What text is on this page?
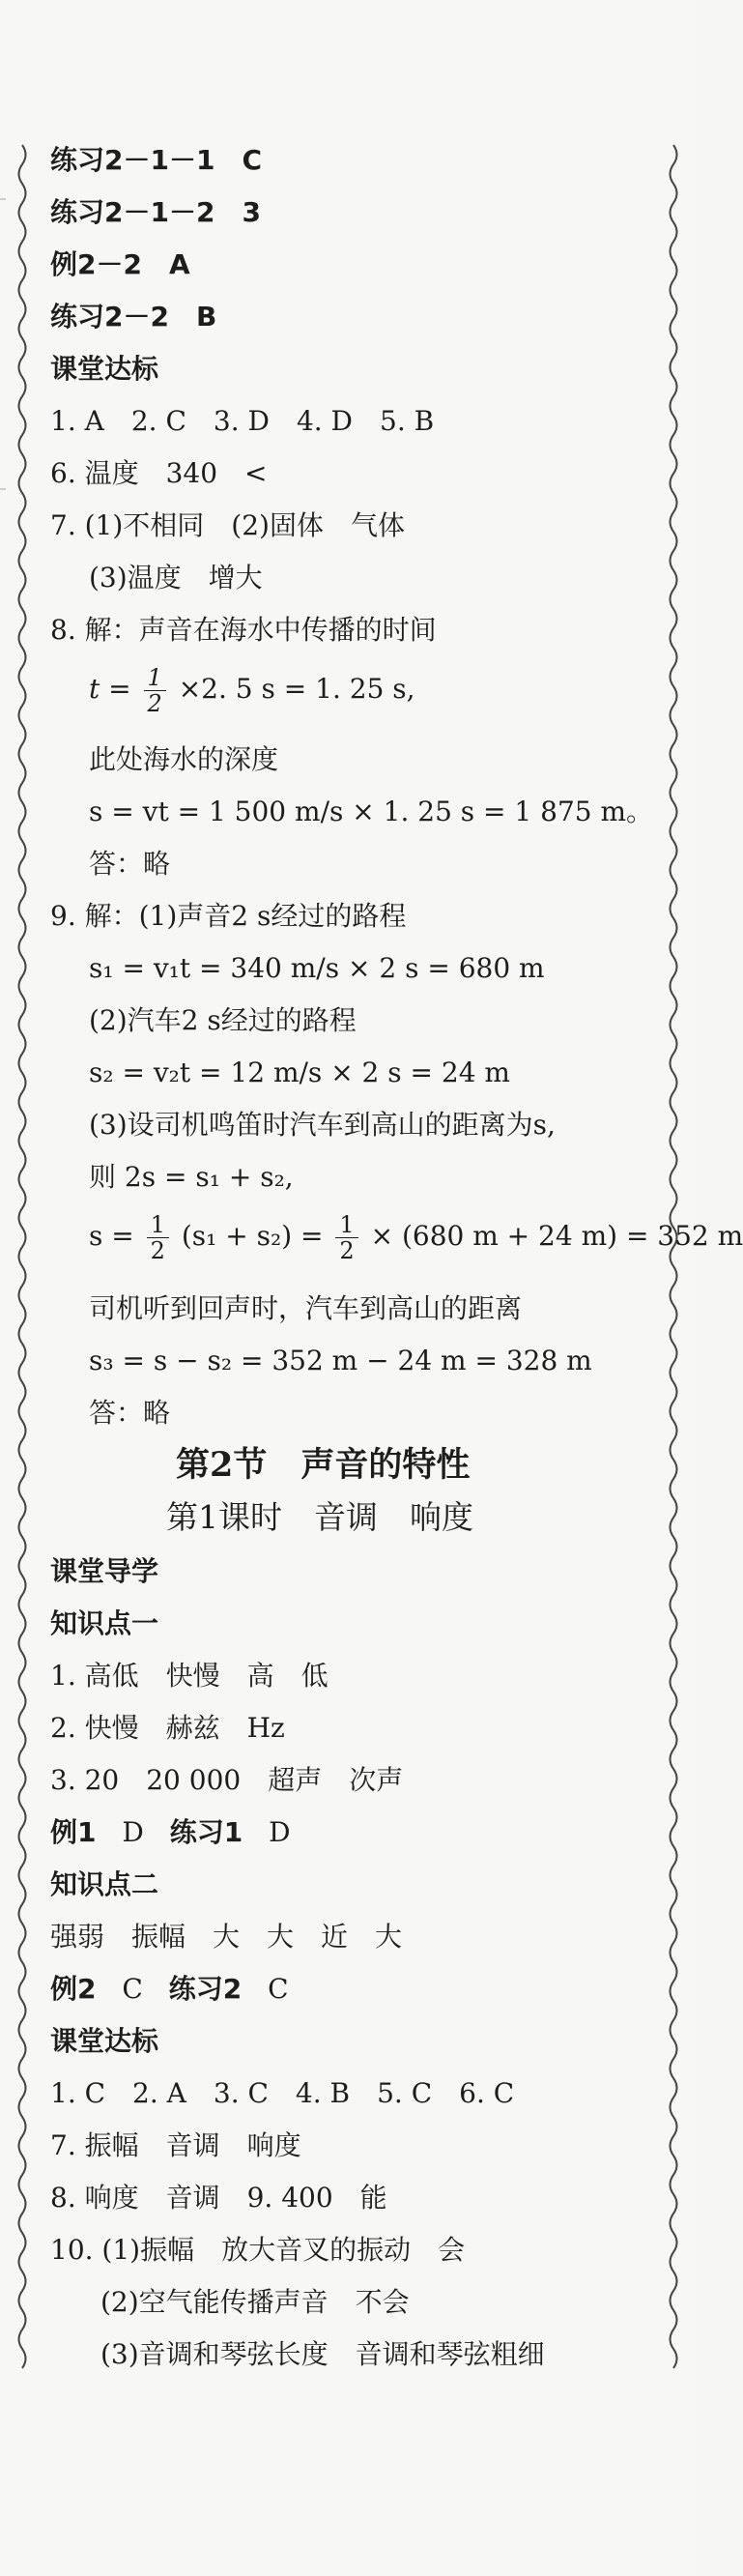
练习2－1－1　C
练习2－1－2　3
例2－2　A
练习2－2　B
课堂达标
1. A　2. C　3. D　4. D　5. B
6. 温度　340　<
7. (1)不相同　(2)固体　气体
(3)温度　增大
8. 解：声音在海水中传播的时间
$t = \frac{1}{2} \times 2$. 5 s = 1. 25 s,
此处海水的深度
s = vt = 1 500 m/s × 1. 25 s = 1 875 m。
答：略
9. 解：(1)声音2 s经过的路程
s₁ = v₁t = 340 m/s × 2 s = 680 m
(2)汽车2 s经过的路程
s₂ = v₂t = 12 m/s × 2 s = 24 m
(3)设司机鸣笛时汽车到高山的距离为s,
则 2s = s₁ + s₂,
$s = \frac{1}{2} (s_1 + s_2) = \frac{1}{2} \times (680$ m + 24 m) = 352 m
司机听到回声时，汽车到高山的距离
s₃ = s − s₂ = 352 m − 24 m = 328 m
答：略
第2节　声音的特性
第1课时　音调　响度
课堂导学
知识点一
1. 高低　快慢　高　低
2. 快慢　赫兹　Hz
3. 20　20 000　超声　次声
例1 D 练习1 D
知识点二
强弱　振幅　大　大　近　大
例2 C 练习2 C
课堂达标
1. C　2. A　3. C　4. B　5. C　6. C
7. 振幅　音调　响度
8. 响度　音调　9. 400　能
10. (1)振幅　放大音叉的振动　会
(2)空气能传播声音　不会
(3)音调和琴弦长度　音调和琴弦粗细
